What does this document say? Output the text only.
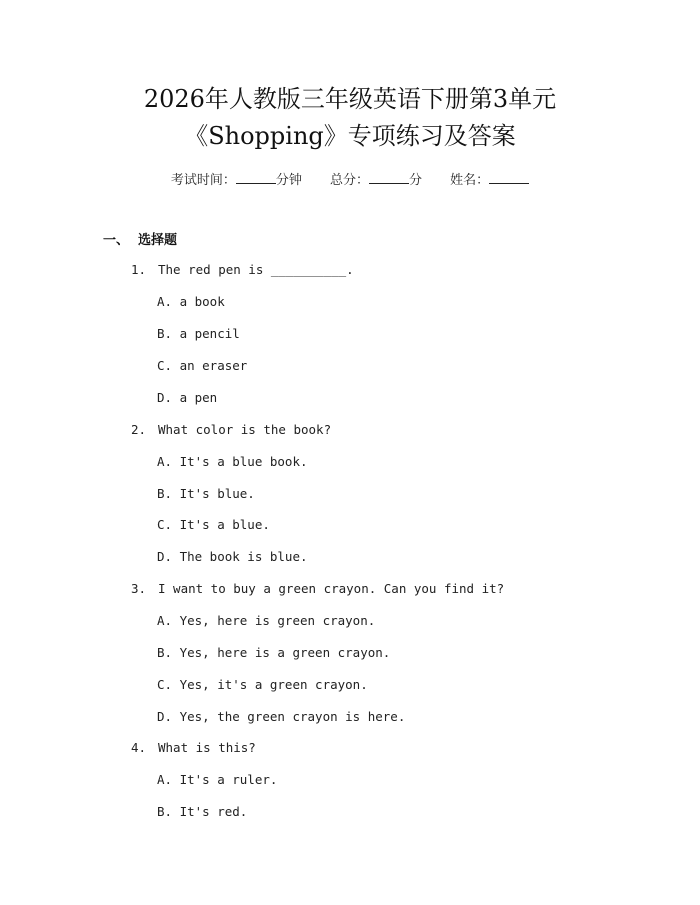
2026年人教版三年级英语下册第3单元
《Shopping》专项练习及答案
考试时间：	分钟 总分：	分 姓名：
一、 选择题
1. The red pen is __________.
A. a book
B. a pencil
C. an eraser
D. a pen
2. What color is the book?
A. It's a blue book.
B. It's blue.
C. It's a blue.
D. The book is blue.
3. I want to buy a green crayon. Can you find it?
A. Yes, here is green crayon.
B. Yes, here is a green crayon.
C. Yes, it's a green crayon.
D. Yes, the green crayon is here.
4. What is this?
A. It's a ruler.
B. It's red.
